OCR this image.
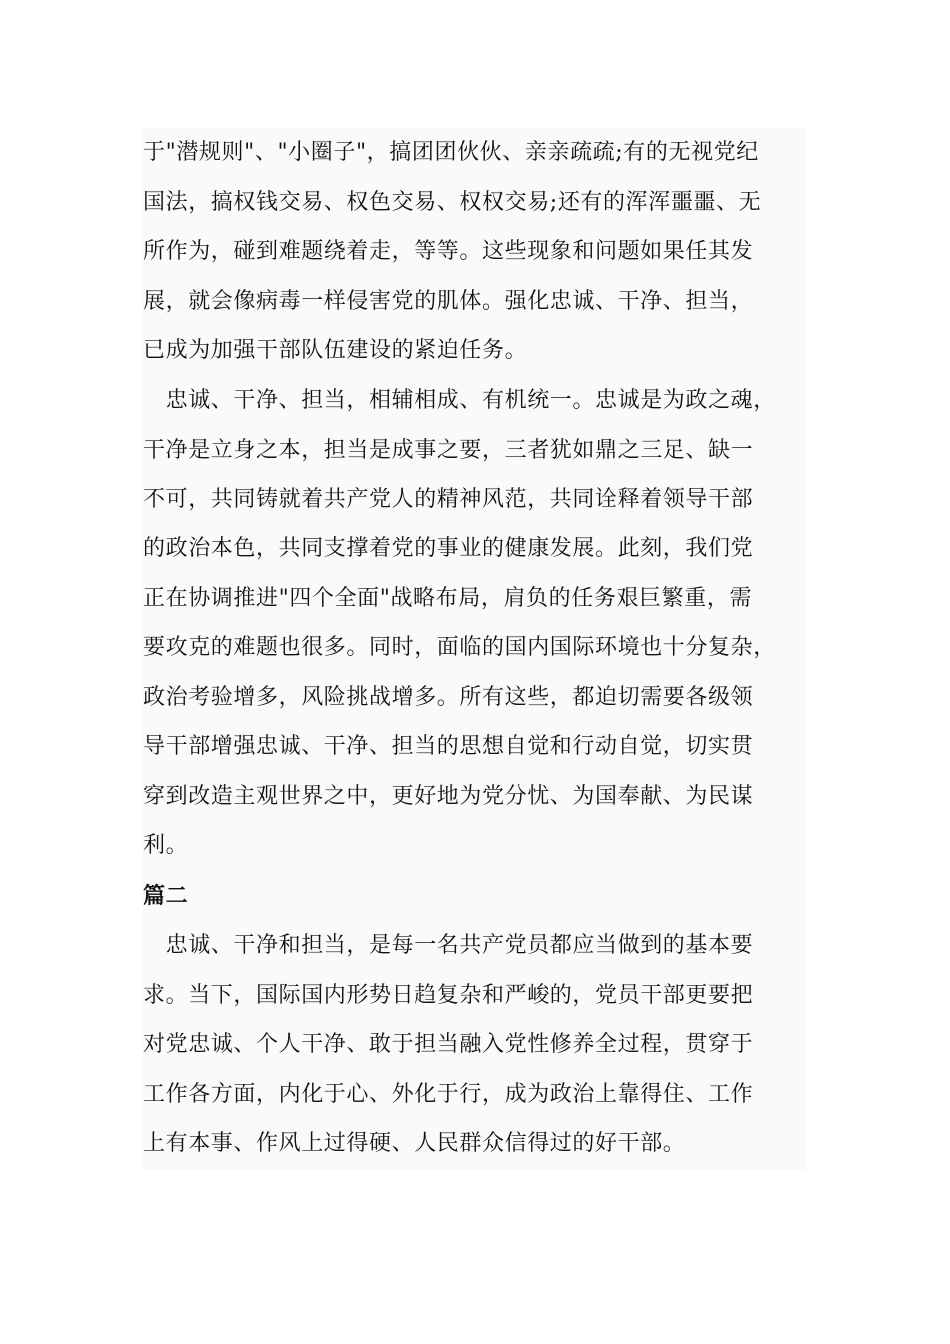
于"潜规则"、"小圈子"，搞团团伙伙、亲亲疏疏;有的无视党纪
国法，搞权钱交易、权色交易、权权交易;还有的浑浑噩噩、无
所作为，碰到难题绕着走，等等。这些现象和问题如果任其发
展，就会像病毒一样侵害党的肌体。强化忠诚、干净、担当，
已成为加强干部队伍建设的紧迫任务。
　忠诚、干净、担当，相辅相成、有机统一。忠诚是为政之魂，
干净是立身之本，担当是成事之要，三者犹如鼎之三足、缺一
不可，共同铸就着共产党人的精神风范，共同诠释着领导干部
的政治本色，共同支撑着党的事业的健康发展。此刻，我们党
正在协调推进"四个全面"战略布局，肩负的任务艰巨繁重，需
要攻克的难题也很多。同时，面临的国内国际环境也十分复杂，
政治考验增多，风险挑战增多。所有这些，都迫切需要各级领
导干部增强忠诚、干净、担当的思想自觉和行动自觉，切实贯
穿到改造主观世界之中，更好地为党分忧、为国奉献、为民谋
利。
篇二
　忠诚、干净和担当，是每一名共产党员都应当做到的基本要
求。当下，国际国内形势日趋复杂和严峻的，党员干部更要把
对党忠诚、个人干净、敢于担当融入党性修养全过程，贯穿于
工作各方面，内化于心、外化于行，成为政治上靠得住、工作
上有本事、作风上过得硬、人民群众信得过的好干部。
